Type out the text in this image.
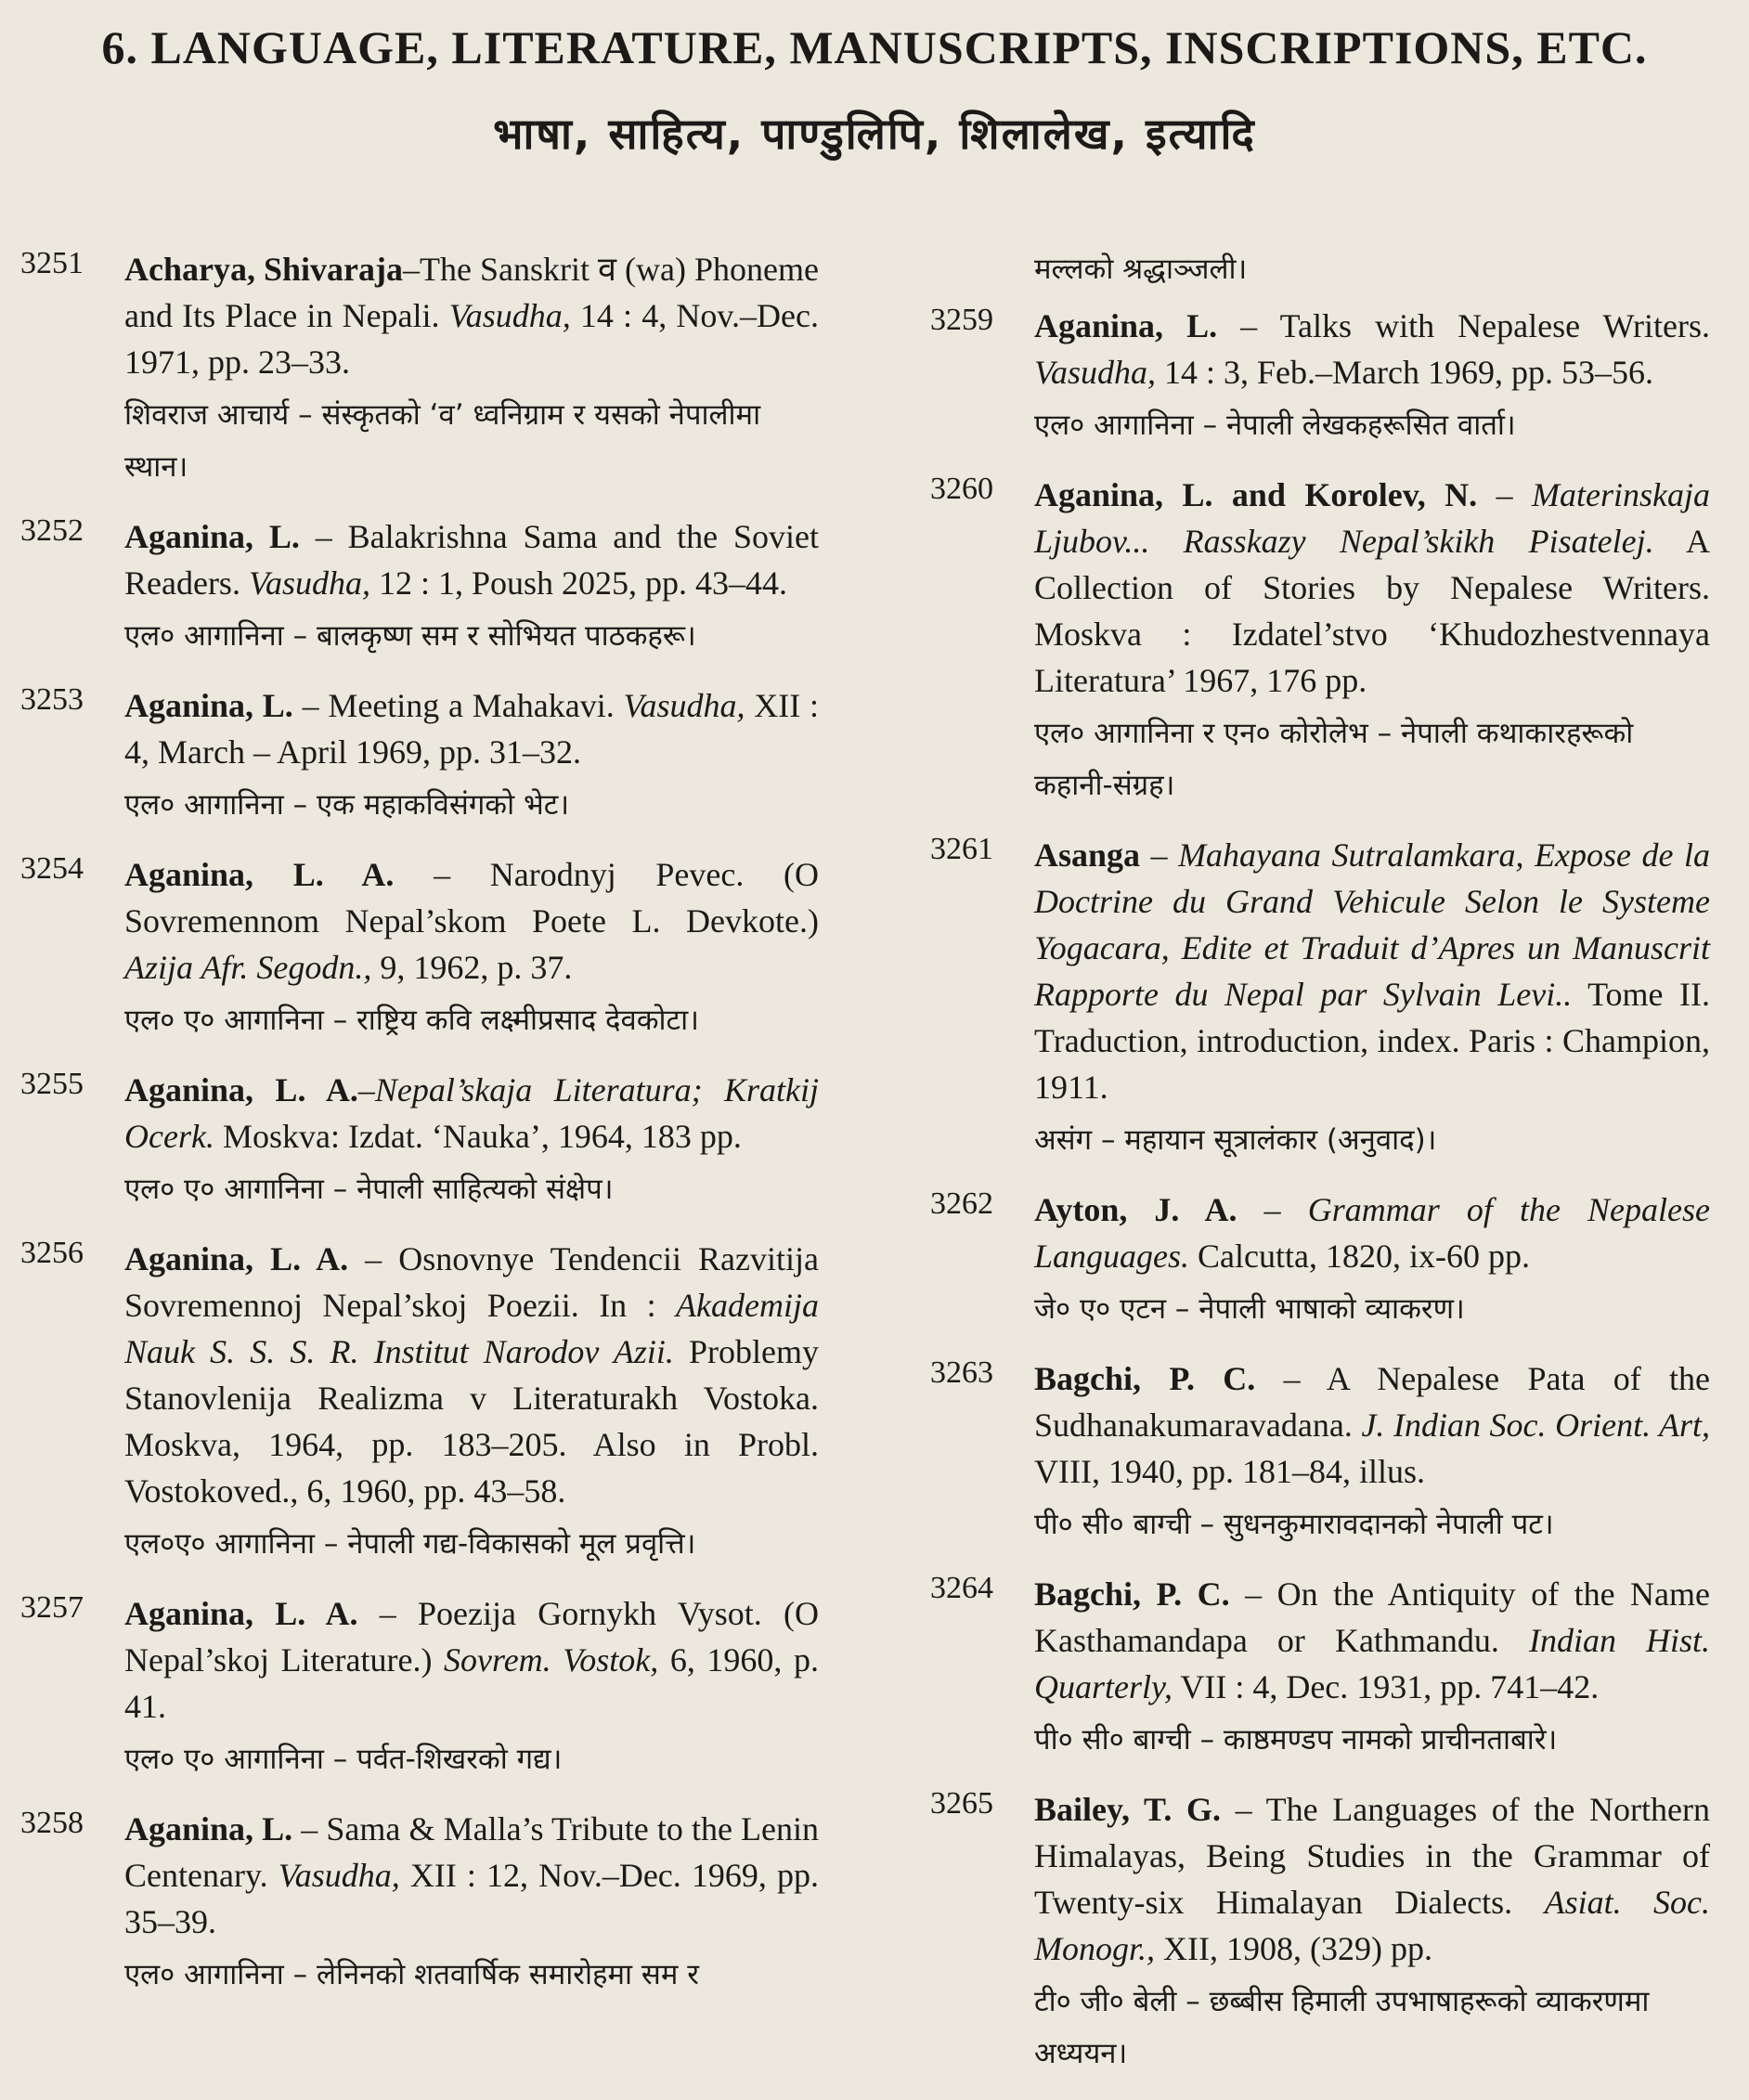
6. LANGUAGE, LITERATURE, MANUSCRIPTS, INSCRIPTIONS, ETC.
भाषा, साहित्य, पाण्डुलिपि, शिलालेख, इत्यादि
3251 Acharya, Shivaraja–The Sanskrit व (wa) Phoneme and Its Place in Nepali. Vasudha, 14 : 4, Nov.–Dec. 1971, pp. 23–33.
शिवराज आचार्य – संस्कृतको ‘व’ ध्वनिग्राम र यसको नेपालीमा स्थान।
3252 Aganina, L. – Balakrishna Sama and the Soviet Readers. Vasudha, 12 : 1, Poush 2025, pp. 43–44.
एल० आगानिना – बालकृष्ण सम र सोभियत पाठकहरू।
3253 Aganina, L. – Meeting a Mahakavi. Vasudha, XII : 4, March – April 1969, pp. 31–32.
एल० आगानिना – एक महाकविसंगको भेट।
3254 Aganina, L. A. – Narodnyj Pevec. (O Sovremennom Nepal’skom Poete L. Devkote.) Azija Afr. Segodn., 9, 1962, p. 37.
एल० ए० आगानिना – राष्ट्रिय कवि लक्ष्मीप्रसाद देवकोटा।
3255 Aganina, L. A.–Nepal’skaja Literatura; Kratkij Ocerk. Moskva: Izdat. ‘Nauka’, 1964, 183 pp.
एल० ए० आगानिना – नेपाली साहित्यको संक्षेप।
3256 Aganina, L. A. – Osnovnye Tendencii Razvitija Sovremennoj Nepal’skoj Poezii. In : Akademija Nauk S. S. S. R. Institut Narodov Azii. Problemy Stanovlenija Realizma v Literaturakh Vostoka. Moskva, 1964, pp. 183–205. Also in Probl. Vostokoved., 6, 1960, pp. 43–58.
एल०ए० आगानिना – नेपाली गद्य-विकासको मूल प्रवृत्ति।
3257 Aganina, L. A. – Poezija Gornykh Vysot. (O Nepal’skoj Literature.) Sovrem. Vostok, 6, 1960, p. 41.
एल० ए० आगानिना – पर्वत-शिखरको गद्य।
3258 Aganina, L. – Sama & Malla’s Tribute to the Lenin Centenary. Vasudha, XII : 12, Nov.–Dec. 1969, pp. 35–39.
एल० आगानिना – लेनिनको शतवार्षिक समारोहमा सम र
मल्लको श्रद्धाञ्जली।
3259 Aganina, L. – Talks with Nepalese Writers. Vasudha, 14 : 3, Feb.–March 1969, pp. 53–56.
एल० आगानिना – नेपाली लेखकहरूसित वार्ता।
3260 Aganina, L. and Korolev, N. – Materinskaja Ljubov... Rasskazy Nepal’skikh Pisatelej. A Collection of Stories by Nepalese Writers. Moskva : Izdatel’stvo ‘Khudozhestvennaya Literatura’ 1967, 176 pp.
एल० आगानिना र एन० कोरोलेभ – नेपाली कथाकारहरूको कहानी-संग्रह।
3261 Asanga – Mahayana Sutralamkara, Expose de la Doctrine du Grand Vehicule Selon le Systeme Yogacara, Edite et Traduit d’Apres un Manuscrit Rapporte du Nepal par Sylvain Levi.. Tome II. Traduction, introduction, index. Paris : Champion, 1911.
असंग – महायान सूत्रालंकार (अनुवाद)।
3262 Ayton, J. A. – Grammar of the Nepalese Languages. Calcutta, 1820, ix-60 pp.
जे० ए० एटन – नेपाली भाषाको व्याकरण।
3263 Bagchi, P. C. – A Nepalese Pata of the Sudhanakumaravadana. J. Indian Soc. Orient. Art, VIII, 1940, pp. 181–84, illus.
पी० सी० बाग्ची – सुधनकुमारावदानको नेपाली पट।
3264 Bagchi, P. C. – On the Antiquity of the Name Kasthamandapa or Kathmandu. Indian Hist. Quarterly, VII : 4, Dec. 1931, pp. 741–42.
पी० सी० बाग्ची – काष्ठमण्डप नामको प्राचीनताबारे।
3265 Bailey, T. G. – The Languages of the Northern Himalayas, Being Studies in the Grammar of Twenty-six Himalayan Dialects. Asiat. Soc. Monogr., XII, 1908, (329) pp.
टी० जी० बेली – छब्बीस हिमाली उपभाषाहरूको व्याकरणमा अध्ययन।
